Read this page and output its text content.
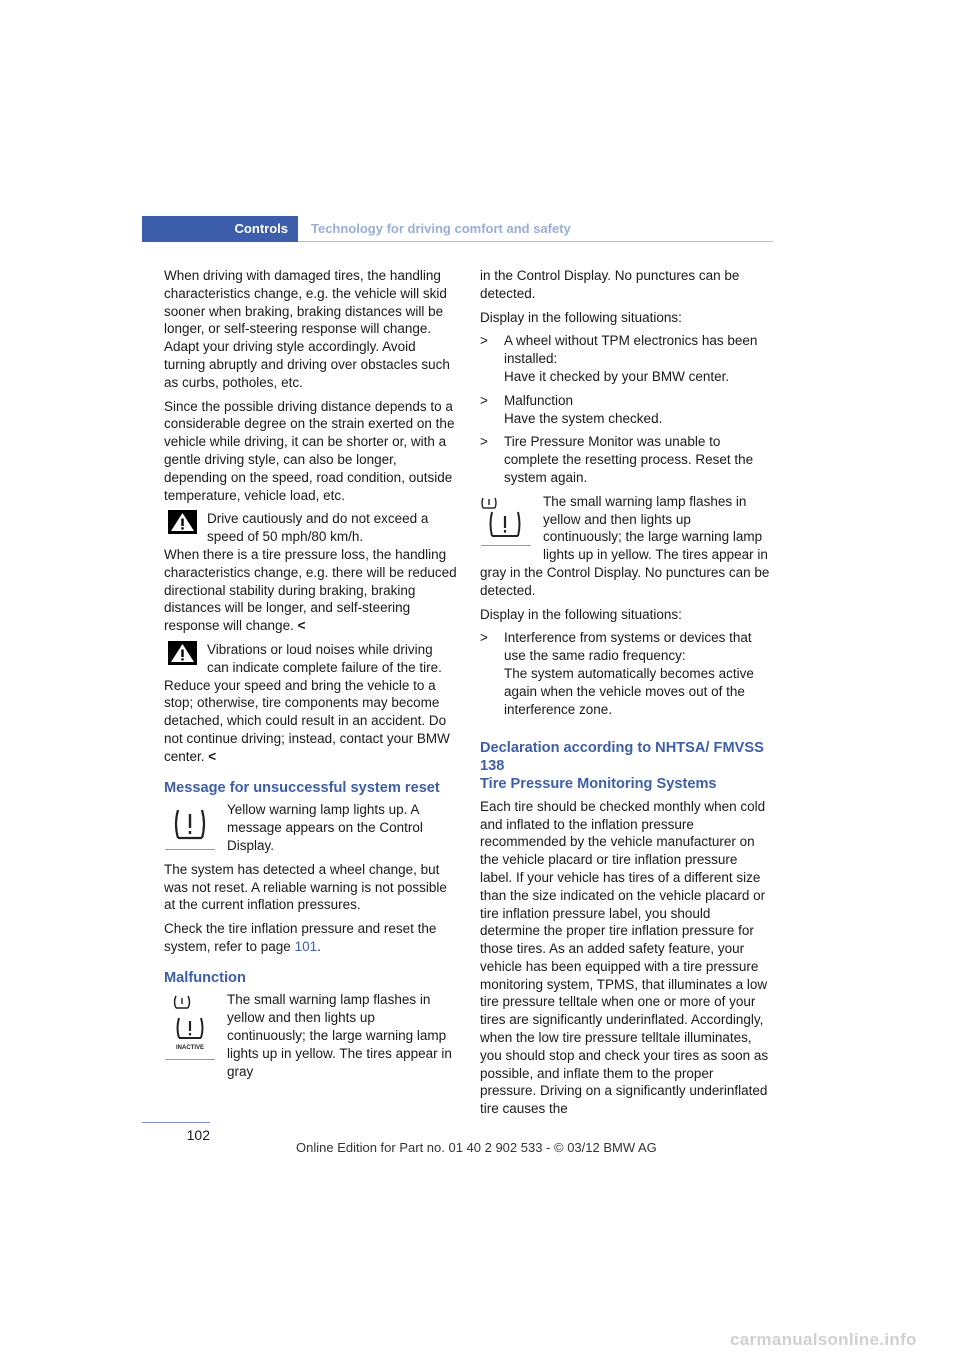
Controls	Technology for driving comfort and safety

When driving with damaged tires, the handling characteristics change, e.g. the vehicle will skid sooner when braking, braking distances will be longer, or self-steering response will change. Adapt your driving style accordingly. Avoid turning abruptly and driving over obstacles such as curbs, potholes, etc.

Since the possible driving distance depends to a considerable degree on the strain exerted on the vehicle while driving, it can be shorter or, with a gentle driving style, can also be longer, depending on the speed, road condition, outside temperature, vehicle load, etc.

Drive cautiously and do not exceed a speed of 50 mph/80 km/h.
When there is a tire pressure loss, the handling characteristics change, e.g. there will be reduced directional stability during braking, braking distances will be longer, and self-steering response will change. <
Vibrations or loud noises while driving can indicate complete failure of the tire.
Reduce your speed and bring the vehicle to a stop; otherwise, tire components may become detached, which could result in an accident. Do not continue driving; instead, contact your BMW center. <
Message for unsuccessful system reset
Yellow warning lamp lights up. A message appears on the Control Display.

The system has detected a wheel change, but was not reset. A reliable warning is not possible at the current inflation pressures.

Check the tire inflation pressure and reset the system, refer to page 101.

Malfunction
INACTIVE
The small warning lamp flashes in yellow and then lights up continuously; the large warning lamp lights up in yellow. The tires appear in gray

in the Control Display. No punctures can be detected.

Display in the following situations:

> A wheel without TPM electronics has been installed:
Have it checked by your BMW center.
> Malfunction
Have the system checked.
> Tire Pressure Monitor was unable to complete the resetting process. Reset the system again.
The small warning lamp flashes in yellow and then lights up continuously; the large warning lamp lights up in yellow. The tires appear in gray in the Control Display. No punctures can be detected.

Display in the following situations:

> Interference from systems or devices that use the same radio frequency:
The system automatically becomes active again when the vehicle moves out of the interference zone.
Declaration according to NHTSA/ FMVSS 138
Tire Pressure Monitoring Systems

Each tire should be checked monthly when cold and inflated to the inflation pressure recommended by the vehicle manufacturer on the vehicle placard or tire inflation pressure label. If your vehicle has tires of a different size than the size indicated on the vehicle placard or tire inflation pressure label, you should determine the proper tire inflation pressure for those tires. As an added safety feature, your vehicle has been equipped with a tire pressure monitoring system, TPMS, that illuminates a low tire pressure telltale when one or more of your tires are significantly underinflated. Accordingly, when the low tire pressure telltale illuminates, you should stop and check your tires as soon as possible, and inflate them to the proper pressure. Driving on a significantly underinflated tire causes the

102
Online Edition for Part no. 01 40 2 902 533 - © 03/12 BMW AG
carmanualsonline.info
